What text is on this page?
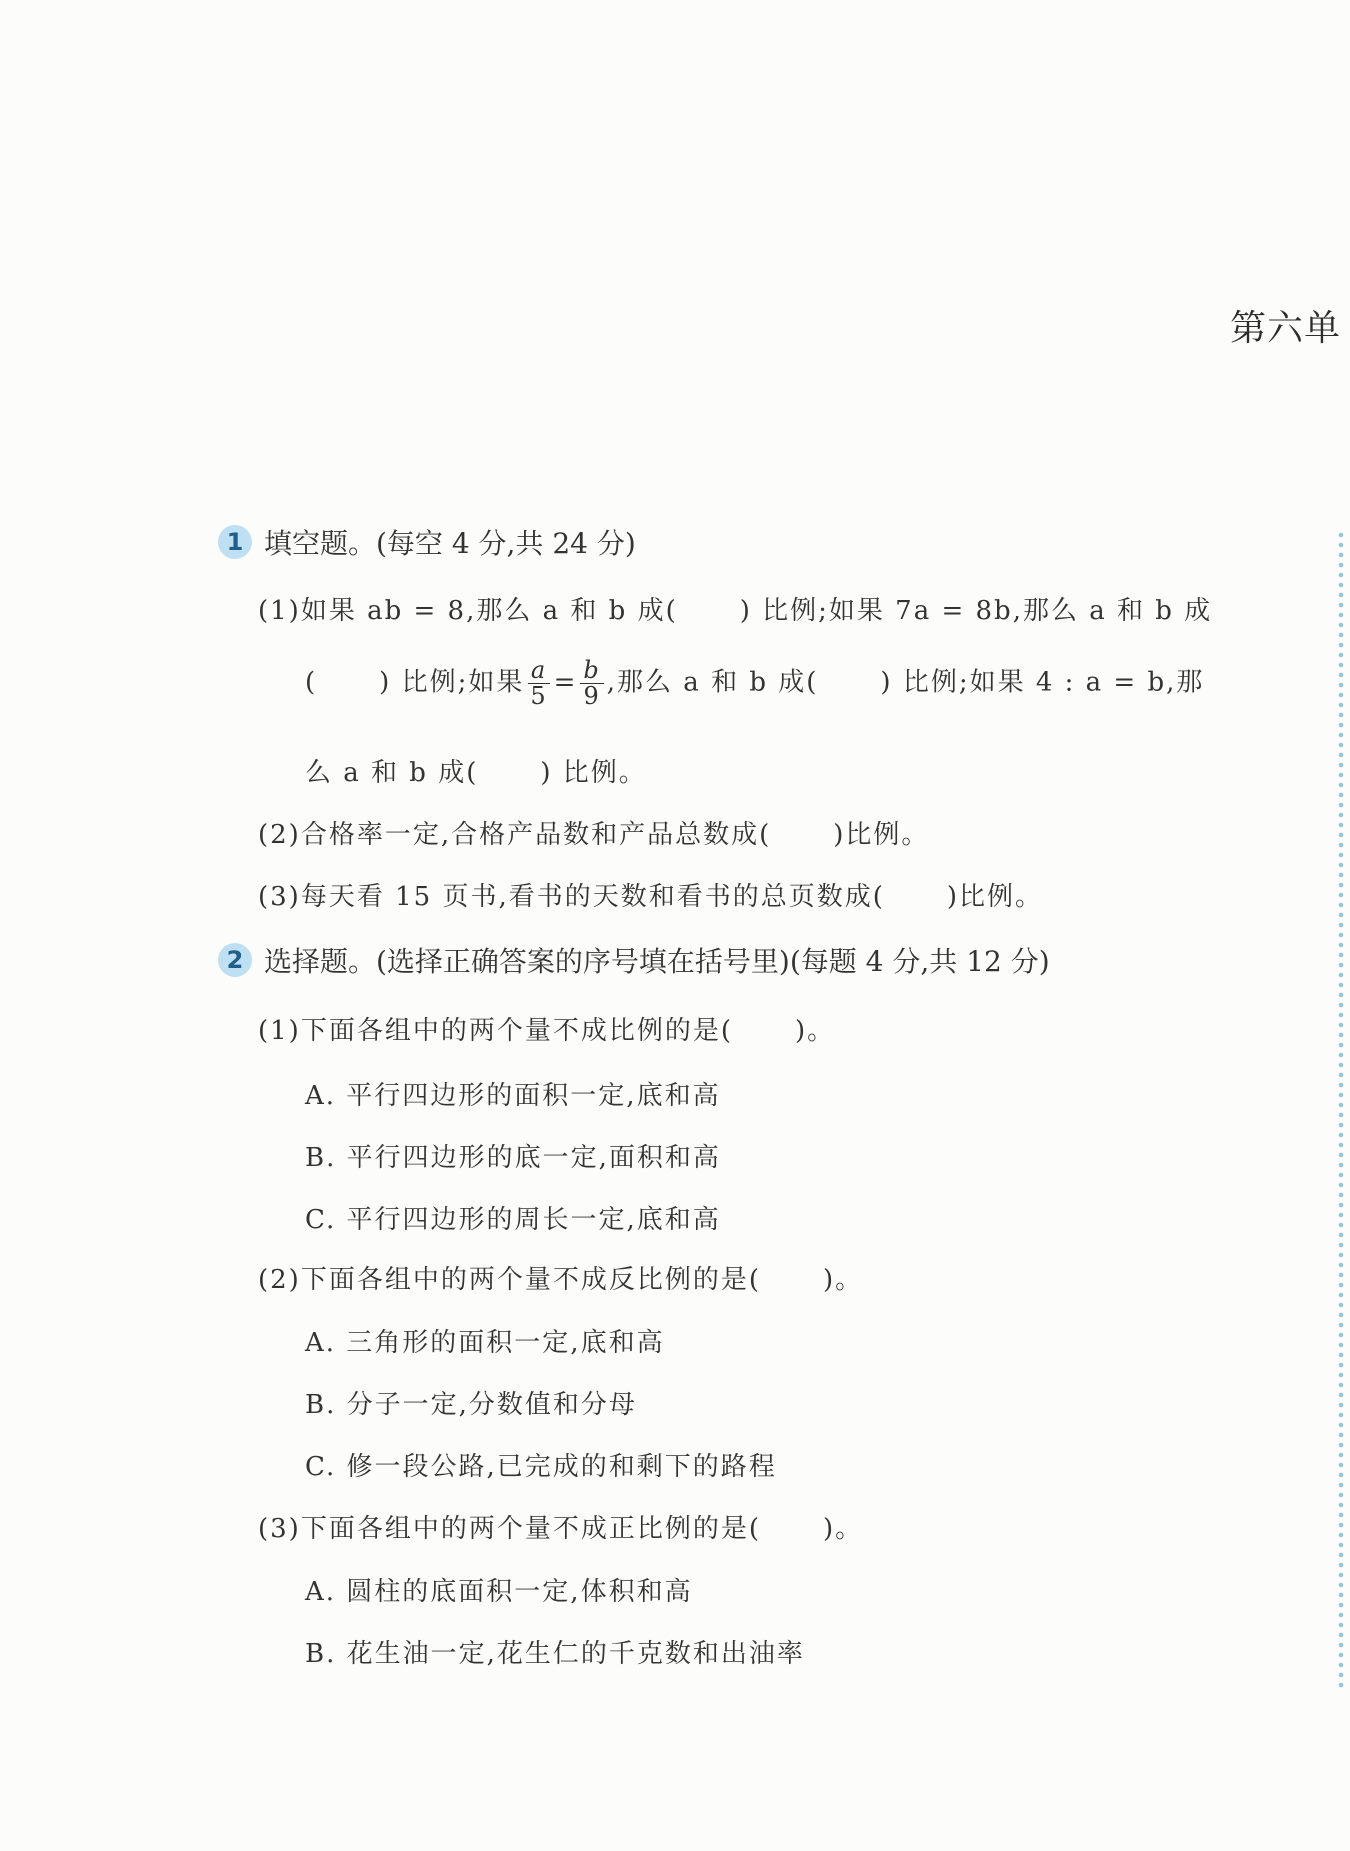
第六单
1 填空题。(每空 4 分,共 24 分)
(1)如果 ab = 8,那么 a 和 b 成( ) 比例;如果 7a = 8b,那么 a 和 b 成
( ) 比例;如果 $\frac{a}{5} = \frac{b}{9}$ ,那么 a 和 b 成( ) 比例;如果 4 : a = b,那
么 a 和 b 成( ) 比例。
(2)合格率一定,合格产品数和产品总数成( )比例。
(3)每天看 15 页书,看书的天数和看书的总页数成( )比例。
2 选择题。(选择正确答案的序号填在括号里)(每题 4 分,共 12 分)
(1)下面各组中的两个量不成比例的是( )。
A. 平行四边形的面积一定,底和高
B. 平行四边形的底一定,面积和高
C. 平行四边形的周长一定,底和高
(2)下面各组中的两个量不成反比例的是( )。
A. 三角形的面积一定,底和高
B. 分子一定,分数值和分母
C. 修一段公路,已完成的和剩下的路程
(3)下面各组中的两个量不成正比例的是( )。
A. 圆柱的底面积一定,体积和高
B. 花生油一定,花生仁的千克数和出油率
